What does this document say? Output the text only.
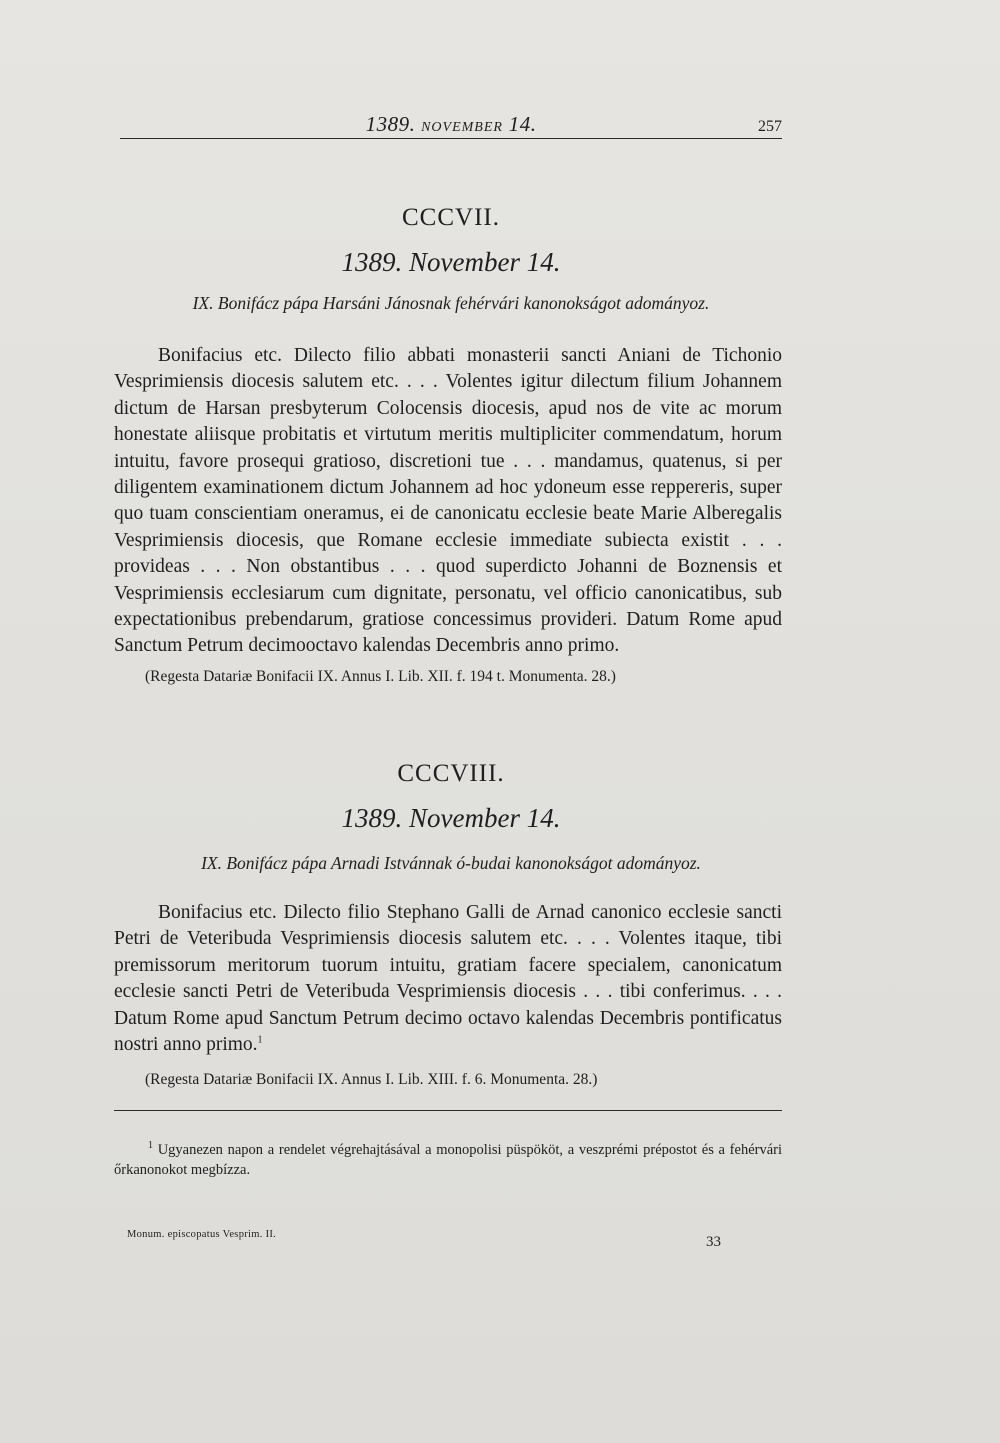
1389. NOVEMBER 14.	257
CCCVII.
1389. November 14.
IX. Bonifácz pápa Harsáni Jánosnak fehérvári kanonokságot adományoz.

Bonifacius etc. Dilecto filio abbati monasterii sancti Aniani de Tichonio Vesprimiensis diocesis salutem etc. . . . Volentes igitur dilectum filium Johannem dictum de Harsan presbyterum Colocensis diocesis, apud nos de vite ac morum honestate aliisque probitatis et virtutum meritis multipliciter commendatum, horum intuitu, favore prosequi gratioso, discretioni tue . . . mandamus, quatenus, si per diligentem examinationem dictum Johannem ad hoc ydoneum esse reppereris, super quo tuam conscientiam oneramus, ei de canonicatu ecclesie beate Marie Alberegalis Vesprimiensis diocesis, que Romane ecclesie immediate subiecta existit . . . provideas . . . Non obstantibus . . . quod superdicto Johanni de Boznensis et Vesprimiensis ecclesiarum cum dignitate, personatu, vel officio canonicatibus, sub expectationibus prebendarum, gratiose concessimus provideri. Datum Rome apud Sanctum Petrum decimooctavo kalendas Decembris anno primo.

(Regesta Datariæ Bonifacii IX. Annus I. Lib. XII. f. 194 t. Monumenta. 28.)
CCCVIII.
1389. November 14.
IX. Bonifácz pápa Arnadi Istvánnak ó-budai kanonokságot adományoz.

Bonifacius etc. Dilecto filio Stephano Galli de Arnad canonico ecclesie sancti Petri de Veteribuda Vesprimiensis diocesis salutem etc. . . . Volentes itaque, tibi premissorum meritorum tuorum intuitu, gratiam facere specialem, canonicatum ecclesie sancti Petri de Veteribuda Vesprimiensis diocesis . . . tibi conferimus. . . . Datum Rome apud Sanctum Petrum decimo octavo kalendas Decembris pontificatus nostri anno primo.$^1$

(Regesta Datariæ Bonifacii IX. Annus I. Lib. XIII. f. 6. Monumenta. 28.)

$^1$ Ugyanezen napon a rendelet végrehajtásával a monopolisi püspököt, a veszprémi prépostot és a fehérvári őrkanonokot megbízza.

Monum. episcopatus Vesprim. II.	33
